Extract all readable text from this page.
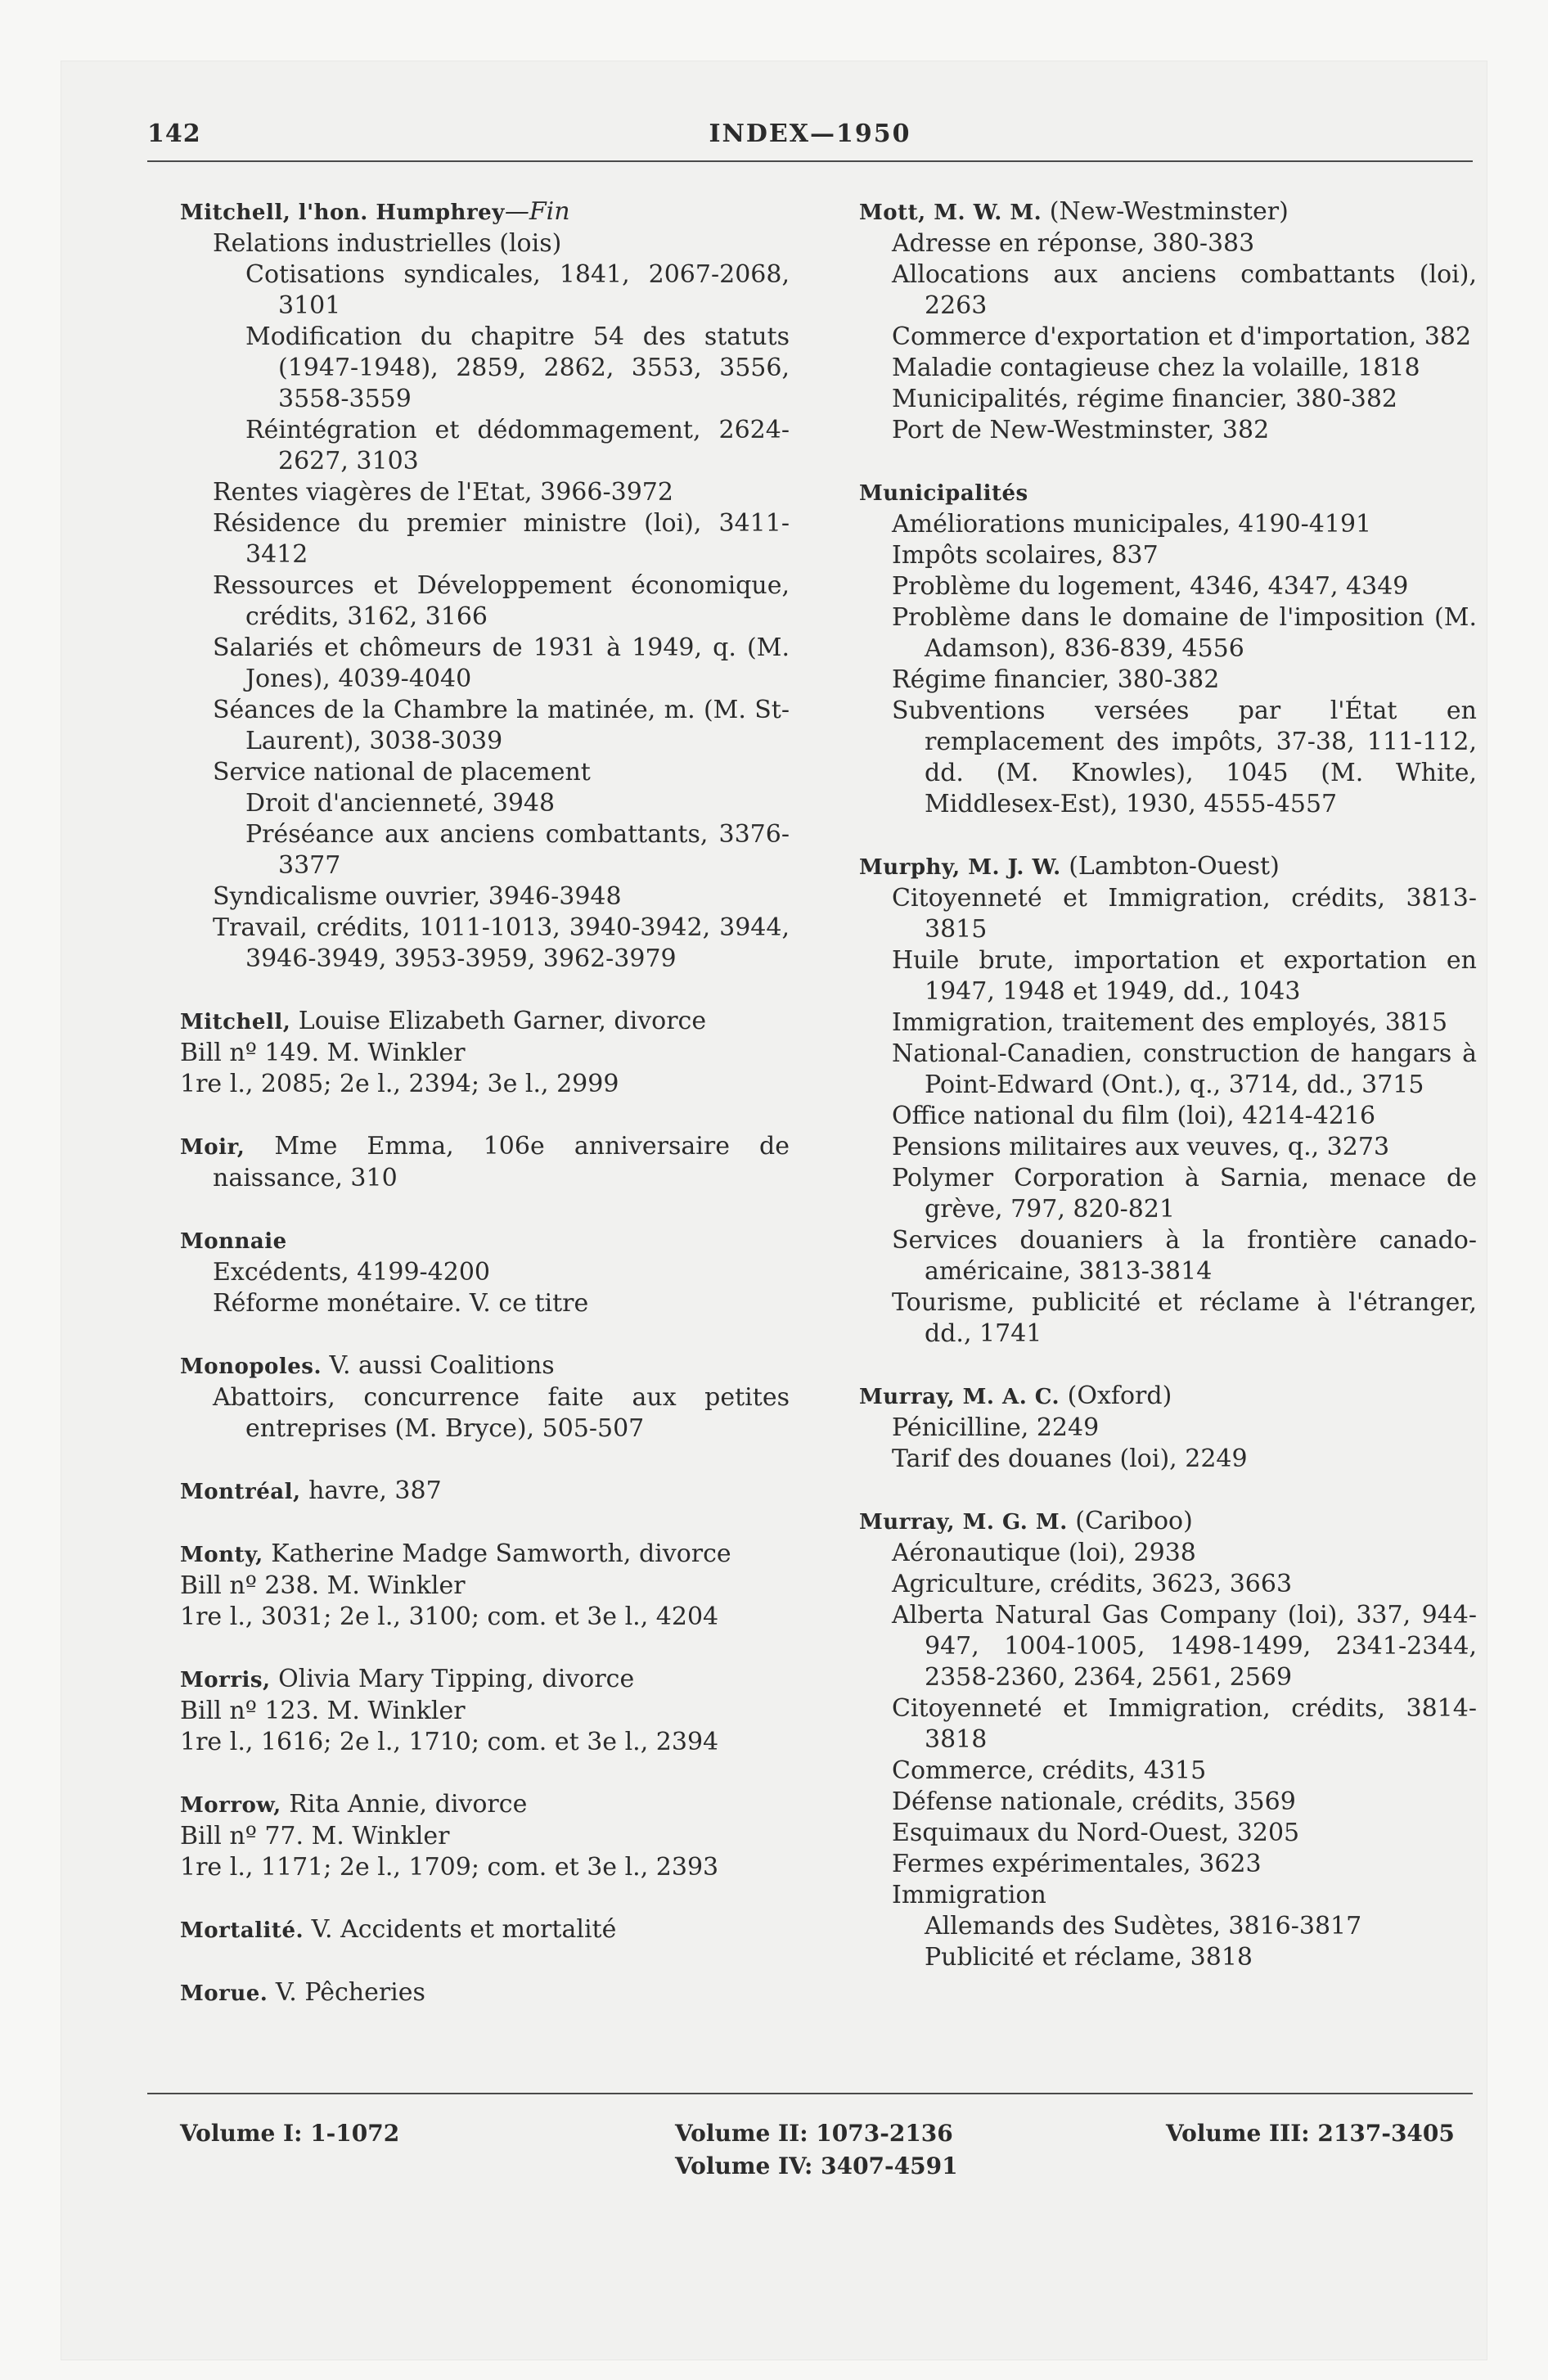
142	INDEX—1950
Mitchell, l'hon. Humphrey—Fin
Relations industrielles (lois)
Cotisations syndicales, 1841, 2067-2068, 3101
Modification du chapitre 54 des statuts (1947-1948), 2859, 2862, 3553, 3556, 3558-3559
Réintégration et dédommagement, 2624-2627, 3103
Rentes viagères de l'Etat, 3966-3972
Résidence du premier ministre (loi), 3411-3412
Ressources et Développement économique, crédits, 3162, 3166
Salariés et chômeurs de 1931 à 1949, q. (M. Jones), 4039-4040
Séances de la Chambre la matinée, m. (M. St-Laurent), 3038-3039
Service national de placement
Droit d'ancienneté, 3948
Préséance aux anciens combattants, 3376-3377
Syndicalisme ouvrier, 3946-3948
Travail, crédits, 1011-1013, 3940-3942, 3944, 3946-3949, 3953-3959, 3962-3979
Mitchell, Louise Elizabeth Garner, divorce
Bill nº 149. M. Winkler
1re l., 2085; 2e l., 2394; 3e l., 2999
Moir, Mme Emma, 106e anniversaire de naissance, 310
Monnaie
Excédents, 4199-4200
Réforme monétaire. V. ce titre
Monopoles. V. aussi Coalitions
Abattoirs, concurrence faite aux petites entreprises (M. Bryce), 505-507
Montréal, havre, 387
Monty, Katherine Madge Samworth, divorce
Bill nº 238. M. Winkler
1re l., 3031; 2e l., 3100; com. et 3e l., 4204
Morris, Olivia Mary Tipping, divorce
Bill nº 123. M. Winkler
1re l., 1616; 2e l., 1710; com. et 3e l., 2394
Morrow, Rita Annie, divorce
Bill nº 77. M. Winkler
1re l., 1171; 2e l., 1709; com. et 3e l., 2393
Mortalité. V. Accidents et mortalité
Morue. V. Pêcheries
Mott, M. W. M. (New-Westminster)
Adresse en réponse, 380-383
Allocations aux anciens combattants (loi), 2263
Commerce d'exportation et d'importation, 382
Maladie contagieuse chez la volaille, 1818
Municipalités, régime financier, 380-382
Port de New-Westminster, 382
Municipalités
Améliorations municipales, 4190-4191
Impôts scolaires, 837
Problème du logement, 4346, 4347, 4349
Problème dans le domaine de l'imposition (M. Adamson), 836-839, 4556
Régime financier, 380-382
Subventions versées par l'État en remplacement des impôts, 37-38, 111-112, dd. (M. Knowles), 1045 (M. White, Middlesex-Est), 1930, 4555-4557
Murphy, M. J. W. (Lambton-Ouest)
Citoyenneté et Immigration, crédits, 3813-3815
Huile brute, importation et exportation en 1947, 1948 et 1949, dd., 1043
Immigration, traitement des employés, 3815
National-Canadien, construction de hangars à Point-Edward (Ont.), q., 3714, dd., 3715
Office national du film (loi), 4214-4216
Pensions militaires aux veuves, q., 3273
Polymer Corporation à Sarnia, menace de grève, 797, 820-821
Services douaniers à la frontière canado-américaine, 3813-3814
Tourisme, publicité et réclame à l'étranger, dd., 1741
Murray, M. A. C. (Oxford)
Pénicilline, 2249
Tarif des douanes (loi), 2249
Murray, M. G. M. (Cariboo)
Aéronautique (loi), 2938
Agriculture, crédits, 3623, 3663
Alberta Natural Gas Company (loi), 337, 944-947, 1004-1005, 1498-1499, 2341-2344, 2358-2360, 2364, 2561, 2569
Citoyenneté et Immigration, crédits, 3814-3818
Commerce, crédits, 4315
Défense nationale, crédits, 3569
Esquimaux du Nord-Ouest, 3205
Fermes expérimentales, 3623
Immigration
Allemands des Sudètes, 3816-3817
Publicité et réclame, 3818
Volume I: 1-1072	Volume II: 1073-2136
Volume IV: 3407-4591
Volume III: 2137-3405
